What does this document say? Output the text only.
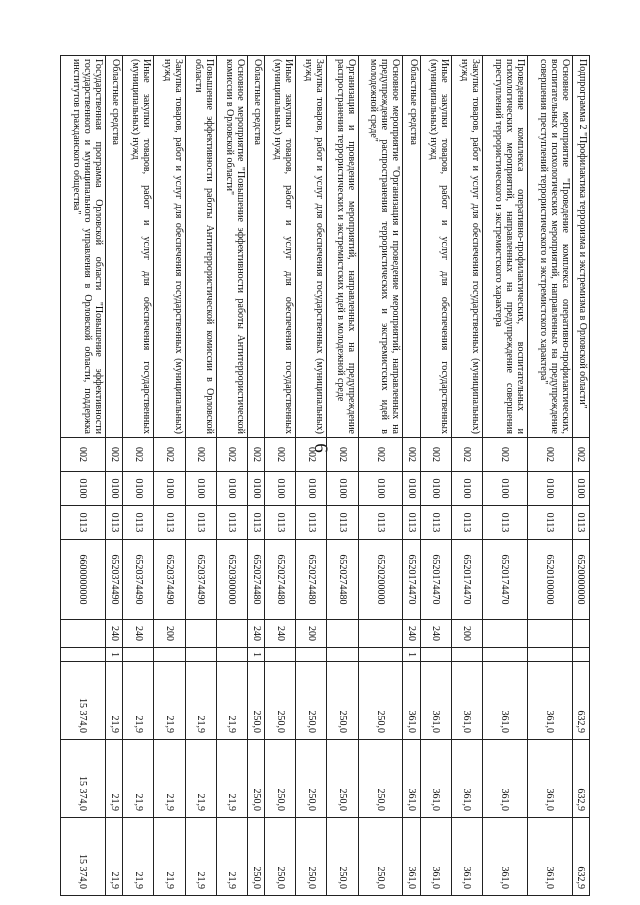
6
Подпрограмма 2 "Профилактика терроризма и экстремизма в Орловской области"	002	0100	0113	6520000000			632,9	632,9	632,9
Основное мероприятие "Проведение комплекса оперативно-профилактических, воспитательных и психологических мероприятий, направленных на предупреждение совершения преступлений террористического и экстремистского характера"	002	0100	0113	6520100000			361,0	361,0	361,0
Проведение комплекса оперативно-профилактических, воспитательных и психологических мероприятий, направленных на предупреждение совершения преступлений террористического и экстремистского характера	002	0100	0113	6520174470			361,0	361,0	361,0
Закупка товаров, работ и услуг для обеспечения государственных (муниципальных) нужд	002	0100	0113	6520174470	200		361,0	361,0	361,0
Иные закупки товаров, работ и услуг для обеспечения государственных (муниципальных) нужд	002	0100	0113	6520174470	240		361,0	361,0	361,0
Областные средства	002	0100	0113	6520174470	240	1	361,0	361,0	361,0
Основное мероприятие "Организация и проведение мероприятий, направленных на предупреждение распространения террористических и экстремистских идей в молодежной среде"	002	0100	0113	6520200000			250,0	250,0	250,0
Организация и проведение мероприятий, направленных на предупреждение распространения террористических и экстремистских идей в молодежной среде	002	0100	0113	6520274480			250,0	250,0	250,0
Закупка товаров, работ и услуг для обеспечения государственных (муниципальных) нужд	002	0100	0113	6520274480	200		250,0	250,0	250,0
Иные закупки товаров, работ и услуг для обеспечения государственных (муниципальных) нужд	002	0100	0113	6520274480	240		250,0	250,0	250,0
Областные средства	002	0100	0113	6520274480	240	1	250,0	250,0	250,0
Основное мероприятие "Повышение эффективности работы Антитеррористической комиссии в Орловской области"	002	0100	0113	6520300000			21,9	21,9	21,9
Повышение эффективности работы Антитеррористической комиссии в Орловской области	002	0100	0113	6520374490			21,9	21,9	21,9
Закупка товаров, работ и услуг для обеспечения государственных (муниципальных) нужд	002	0100	0113	6520374490	200		21,9	21,9	21,9
Иные закупки товаров, работ и услуг для обеспечения государственных (муниципальных) нужд	002	0100	0113	6520374490	240		21,9	21,9	21,9
Областные средства	002	0100	0113	6520374490	240	1	21,9	21,9	21,9
Государственная программа Орловской области "Повышение эффективности государственного и муниципального управления в Орловской области, поддержка институтов гражданского общества"	002	0100	0113	6600000000			15 374,0	15 374,0	15 374,0
